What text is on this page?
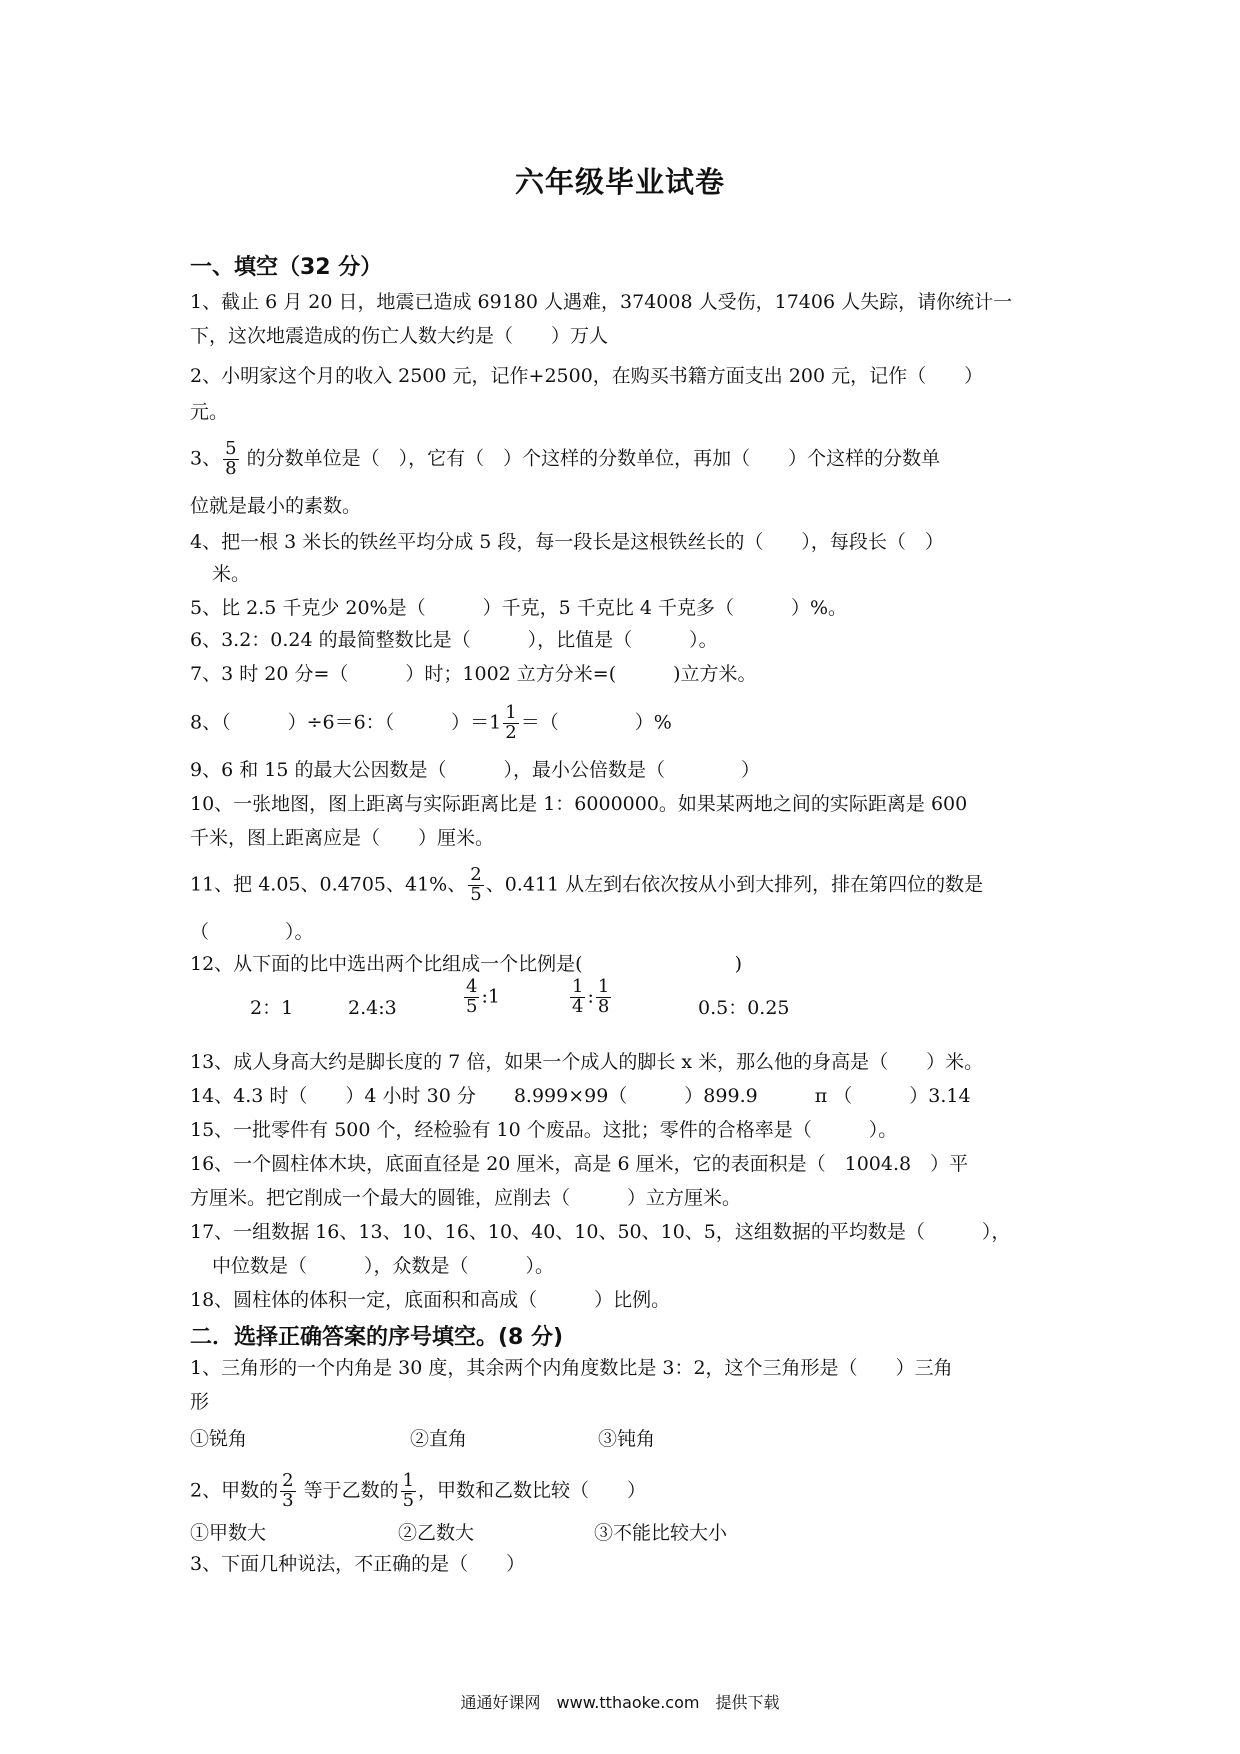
六年级毕业试卷
一、填空（32 分）
1、截止 6 月 20 日，地震已造成 69180 人遇难，374008 人受伤，17406 人失踪，请你统计一
下，这次地震造成的伤亡人数大约是（　　）万人
2、小明家这个月的收入 2500 元，记作+2500，在购买书籍方面支出 200 元，记作（　　）
元。
3、 $\frac{5}{8}$ 的分数单位是（　），它有（　）个这样的分数单位，再加（　　）个这样的分数单
位就是最小的素数。
4、把一根 3 米长的铁丝平均分成 5 段，每一段长是这根铁丝长的（　　），每段长（　）
米。
5、比 2.5 千克少 20%是（　　　）千克，5 千克比 4 千克多（　　　）%。
6、3.2：0.24 的最简整数比是（　　　），比值是（　　　）。
7、3 时 20 分=（　　　）时；1002 立方分米=(　　　)立方米。
8、（　　　）÷6＝6：（　　　）$=1 \frac{1}{2}$ ＝（　　　　）%
9、6 和 15 的最大公因数是（　　　），最小公倍数是（　　　　）
10、一张地图，图上距离与实际距离比是 1：6000000。如果某两地之间的实际距离是 600
千米，图上距离应是（　　）厘米。
11、把 4.05、0.4705、41%、 $\frac{2}{5}$ 、0.411 从左到右依次按从小到大排列，排在第四位的数是
（　　　　）。
12、从下面的比中选出两个比组成一个比例是(　　　　　　　　)
2：1	2.4:3	$\frac{4}{5}$ :1	$\frac{1}{4}$ : $\frac{1}{8}$	0.5：0.25
13、成人身高大约是脚长度的 7 倍，如果一个成人的脚长 x 米，那么他的身高是（　　）米。
14、4.3 时（　　）4 小时 30 分　　8.999×99（　　　）899.9　　　π （　　　）3.14
15、一批零件有 500 个，经检验有 10 个废品。这批；零件的合格率是（　　　）。
16、一个圆柱体木块，底面直径是 20 厘米，高是 6 厘米，它的表面积是（　1004.8　）平
方厘米。把它削成一个最大的圆锥，应削去（　　　）立方厘米。
17、一组数据 16、13、10、16、10、40、10、50、10、5，这组数据的平均数是（　　　），
中位数是（　　　），众数是（　　　）。
18、圆柱体的体积一定，底面积和高成（　　　）比例。
二．选择正确答案的序号填空。(8 分)
1、三角形的一个内角是 30 度，其余两个内角度数比是 3：2，这个三角形是（　　）三角
形
①锐角	②直角	③钝角
2、甲数的 $\frac{2}{3}$ 等于乙数的 $\frac{1}{5}$ ，甲数和乙数比较（　　）
①甲数大	②乙数大	③不能比较大小
3、下面几种说法，不正确的是（　　）
通通好课网　www.tthaoke.com　提供下载
